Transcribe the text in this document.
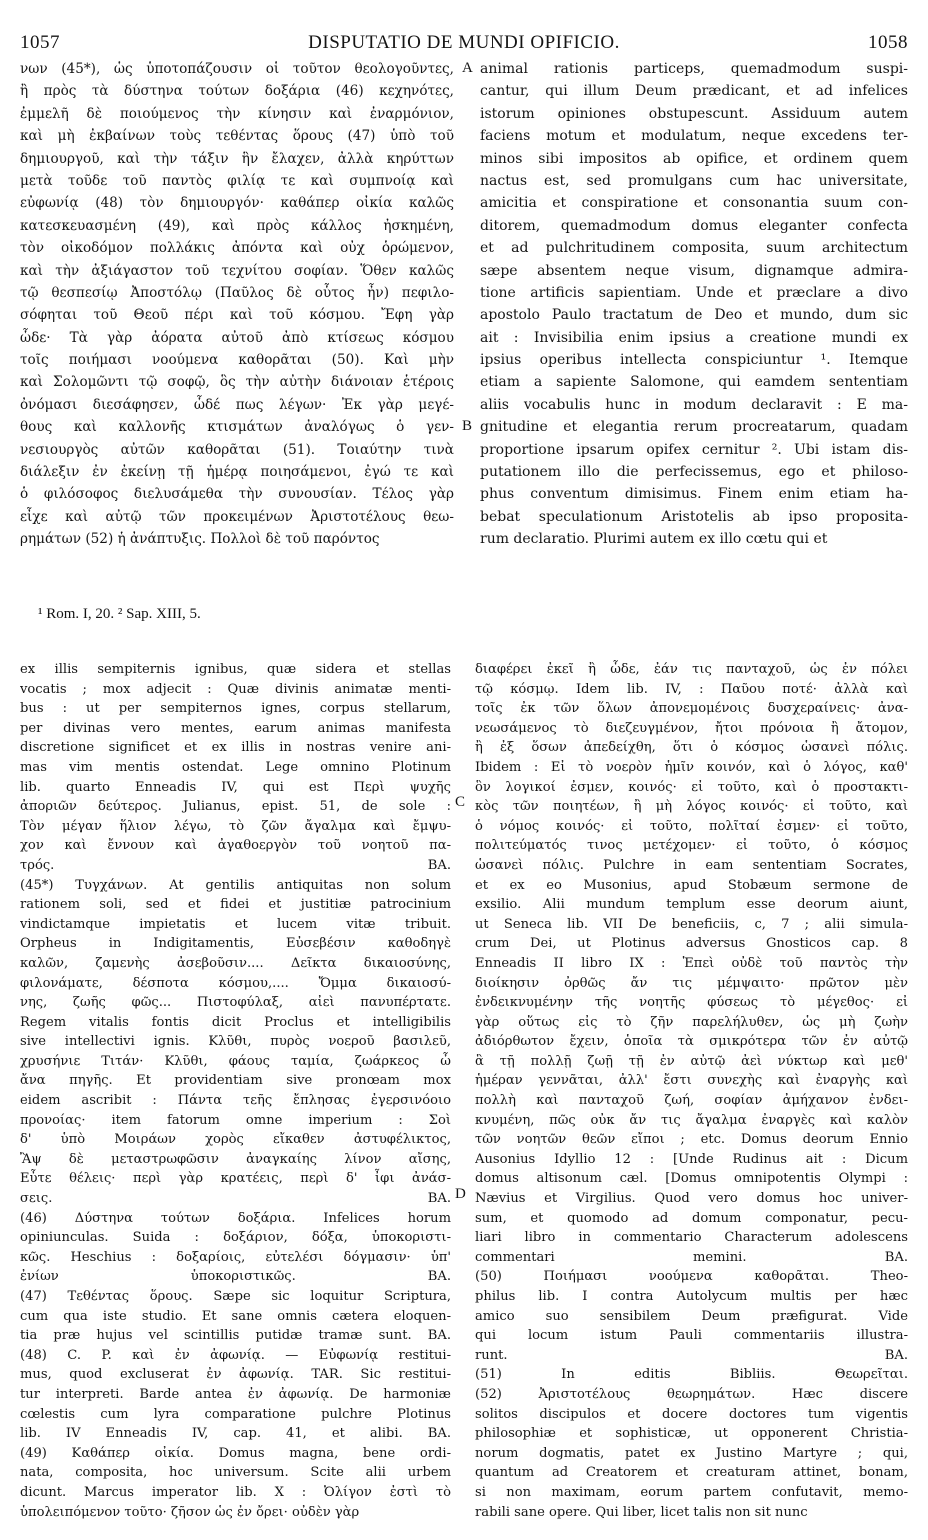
1057	DISPUTATIO DE MUNDI OPIFICIO.	1058
νων (45*), ὡς ὑποτοπάζουσιν οἱ τοῦτον θεολογοῦντες,
ἢ πρὸς τὰ δύστηνα τούτων δοξάρια (46) κεχηνότες,
ἐμμελῆ δὲ ποιούμενος τὴν κίνησιν καὶ ἐναρμόνιον,
καὶ μὴ ἐκβαίνων τοὺς τεθέντας ὅρους (47) ὑπὸ τοῦ
δημιουργοῦ, καὶ τὴν τάξιν ἣν ἔλαχεν, ἀλλὰ κηρύττων
μετὰ τοῦδε τοῦ παντὸς φιλίᾳ τε καὶ συμπνοίᾳ καὶ
εὐφωνίᾳ (48) τὸν δημιουργόν· καθάπερ οἰκία καλῶς
κατεσκευασμένη (49), καὶ πρὸς κάλλος ἠσκημένη,
τὸν οἰκοδόμον πολλάκις ἀπόντα καὶ οὐχ ὁρώμενον,
καὶ τὴν ἀξιάγαστον τοῦ τεχνίτου σοφίαν. Ὅθεν καλῶς
τῷ θεσπεσίῳ Ἀποστόλῳ (Παῦλος δὲ οὗτος ἦν) πεφιλο-
σόφηται τοῦ Θεοῦ πέρι καὶ τοῦ κόσμου. Ἔφη γὰρ
ὧδε· Τὰ γὰρ ἀόρατα αὐτοῦ ἀπὸ κτίσεως κόσμου
τοῖς ποιήμασι νοούμενα καθορᾶται (50). Καὶ μὴν
καὶ Σολομῶντι τῷ σοφῷ, ὃς τὴν αὐτὴν διάνοιαν ἑτέροις
ὀνόμασι διεσάφησεν, ὧδέ πως λέγων· Ἐκ γὰρ μεγέ-
θους καὶ καλλονῆς κτισμάτων ἀναλόγως ὁ γεν-
νεσιουργὸς αὐτῶν καθορᾶται (51). Τοιαύτην τινὰ
διάλεξιν ἐν ἐκείνῃ τῇ ἡμέρᾳ ποιησάμενοι, ἐγώ τε καὶ
ὁ φιλόσοφος διελυσάμεθα τὴν συνουσίαν. Τέλος γὰρ
εἶχε καὶ αὐτῷ τῶν προκειμένων Ἀριστοτέλους θεω-
ρημάτων (52) ἡ ἀνάπτυξις. Πολλοὶ δὲ τοῦ παρόντος
animal rationis particeps, quemadmodum suspi-
cantur, qui illum Deum prædicant, et ad infelices
istorum opiniones obstupescunt. Assiduum autem
faciens motum et modulatum, neque excedens ter-
minos sibi impositos ab opifice, et ordinem quem
nactus est, sed promulgans cum hac universitate,
amicitia et conspiratione et consonantia suum con-
ditorem, quemadmodum domus eleganter confecta
et ad pulchritudinem composita, suum architectum
sæpe absentem neque visum, dignamque admira-
tione artificis sapientiam. Unde et præclare a divo
apostolo Paulo tractatum de Deo et mundo, dum sic
ait : Invisibilia enim ipsius a creatione mundi ex
ipsius operibus intellecta conspiciuntur ¹. Itemque
etiam a sapiente Salomone, qui eamdem sententiam
aliis vocabulis hunc in modum declaravit : E ma-
gnitudine et elegantia rerum procreatarum, quadam
proportione ipsarum opifex cernitur ². Ubi istam dis-
putationem illo die perfecissemus, ego et philoso-
phus conventum dimisimus. Finem enim etiam ha-
bebat speculationum Aristotelis ab ipso proposita-
rum declaratio. Plurimi autem ex illo cœtu qui et
A
B
C
D
¹ Rom. I, 20. ² Sap. XIII, 5.
ex illis sempiternis ignibus, quæ sidera et stellas
vocatis ; mox adjecit : Quæ divinis animatæ menti-
bus : ut per sempiternos ignes, corpus stellarum,
per divinas vero mentes, earum animas manifesta
discretione significet et ex illis in nostras venire ani-
mas vim mentis ostendat. Lege omnino Plotinum
lib. quarto Enneadis IV, qui est Περὶ ψυχῆς
ἀποριῶν δεύτερος. Julianus, epist. 51, de sole :
Τὸν μέγαν ἥλιον λέγω, τὸ ζῶν ἄγαλμα καὶ ἔμψυ-
χον καὶ ἔννουν καὶ ἀγαθοεργὸν τοῦ νοητοῦ πα-
τρός. BA.
(45*) Τυγχάνων. At gentilis antiquitas non solum
rationem soli, sed et fidei et justitiæ patrocinium
vindictamque impietatis et lucem vitæ tribuit.
Orpheus in Indigitamentis, Εὐσεβέσιν καθοδηγὲ
καλῶν, ζαμενὴς ἀσεβοῦσιν.... Δεῖκτα δικαιοσύνης,
φιλονάματε, δέσποτα κόσμου,.... Ὄμμα δικαιοσύ-
νης, ζωῆς φῶς... Πιστοφύλαξ, αἰεὶ πανυπέρτατε.
Regem vitalis fontis dicit Proclus et intelligibilis
sive intellectivi ignis. Κλῦθι, πυρὸς νοεροῦ βασιλεῦ,
χρυσήνιε Τιτάν· Κλῦθι, φάους ταμία, ζωάρκεος ὦ
ἄνα πηγῆς. Et providentiam sive pronœam mox
eidem ascribit : Πάντα τεῆς ἔπλησας ἐγερσινόοιο
προνοίας· item fatorum omne imperium : Σοὶ
δ' ὑπὸ Μοιράων χορὸς εἴκαθεν ἀστυφέλικτος,
Ἂψ δὲ μεταστρωφῶσιν ἀναγκαίης λίνον αἴσης,
Εὖτε θέλεις· περὶ γὰρ κρατέεις, περὶ δ' ἶφι ἀνάσ-
σεις. BA.
(46) Δύστηνα τούτων δοξάρια. Infelices horum
opiniunculas. Suida : δοξάριον, δόξα, ὑποκοριστι-
κῶς. Heschius : δοξαρίοις, εὐτελέσι δόγμασιν· ὑπ'
ἐνίων ὑποκοριστικῶς. BA.
(47) Τεθέντας ὅρους. Sæpe sic loquitur Scriptura,
cum qua iste studio. Et sane omnis cætera eloquen-
tia præ hujus vel scintillis putidæ tramæ sunt. BA.
(48) C. P. καὶ ἐν ἀφωνίᾳ. — Εὐφωνίᾳ restitui-
mus, quod excluserat ἐν ἀφωνίᾳ. TAR. Sic restitui-
tur interpreti. Barde antea ἐν ἀφωνίᾳ. De harmoniæ
cœlestis cum lyra comparatione pulchre Plotinus
lib. IV Enneadis IV, cap. 41, et alibi. BA.
(49) Καθάπερ οἰκία. Domus magna, bene ordi-
nata, composita, hoc universum. Scite alii urbem
dicunt. Marcus imperator lib. X : Ὀλίγον ἐστὶ τὸ
ὑπολειπόμενον τοῦτο· ζῆσον ὡς ἐν ὄρει· οὐδὲν γὰρ
διαφέρει ἐκεῖ ἢ ὧδε, ἐάν τις πανταχοῦ, ὡς ἐν πόλει
τῷ κόσμῳ. Idem lib. IV, : Παῦου ποτέ· ἀλλὰ καὶ
τοῖς ἐκ τῶν ὅλων ἀπονεμομένοις δυσχεραίνεις· ἀνα-
νεωσάμενος τὸ διεζευγμένον, ἤτοι πρόνοια ἢ ἄτομον,
ἢ ἐξ ὅσων ἀπεδείχθη, ὅτι ὁ κόσμος ὡσανεὶ πόλις.
Ibidem : Εἰ τὸ νοερὸν ἡμῖν κοινόν, καὶ ὁ λόγος, καθ'
ὃν λογικοί ἐσμεν, κοινός· εἰ τοῦτο, καὶ ὁ προστακτι-
κὸς τῶν ποιητέων, ἢ μὴ λόγος κοινός· εἰ τοῦτο, καὶ
ὁ νόμος κοινός· εἰ τοῦτο, πολῖταί ἐσμεν· εἰ τοῦτο,
πολιτεύματός τινος μετέχομεν· εἰ τοῦτο, ὁ κόσμος
ὡσανεὶ πόλις. Pulchre in eam sententiam Socrates,
et ex eo Musonius, apud Stobæum sermone de
exsilio. Alii mundum templum esse deorum aiunt,
ut Seneca lib. VII De beneficiis, c, 7 ; alii simula-
crum Dei, ut Plotinus adversus Gnosticos cap. 8
Enneadis II libro IX : Ἐπεὶ οὐδὲ τοῦ παντὸς τὴν
διοίκησιν ὀρθῶς ἄν τις μέμψαιτο· πρῶτον μὲν
ἐνδεικνυμένην τῆς νοητῆς φύσεως τὸ μέγεθος· εἰ
γὰρ οὕτως εἰς τὸ ζῆν παρελήλυθεν, ὡς μὴ ζωὴν
ἀδιόρθωτον ἔχειν, ὁποῖα τὰ σμικρότερα τῶν ἐν αὐτῷ
ἃ τῇ πολλῇ ζωῇ τῇ ἐν αὐτῷ ἀεὶ νύκτωρ καὶ μεθ'
ἡμέραν γεννᾶται, ἀλλ' ἔστι συνεχὴς καὶ ἐναργὴς καὶ
πολλὴ καὶ πανταχοῦ ζωή, σοφίαν ἀμήχανον ἐνδει-
κνυμένη, πῶς οὐκ ἄν τις ἄγαλμα ἐναργὲς καὶ καλὸν
τῶν νοητῶν θεῶν εἴποι ; etc. Domus deorum Ennio
Ausonius Idyllio 12 : [Unde Rudinus ait : Dicum
domus altisonum cæl. [Domus omnipotentis Olympi :
Nævius et Virgilius. Quod vero domus hoc univer-
sum, et quomodo ad domum componatur, pecu-
liari libro in commentario Characterum adolescens
commentari memini. BA.
(50) Ποιήμασι νοούμενα καθορᾶται. Theo-
philus lib. I contra Autolycum multis per hæc
amico suo sensibilem Deum præfigurat. Vide
qui locum istum Pauli commentariis illustra-
runt. BA.
(51) In editis Bibliis. Θεωρεῖται.
(52) Ἀριστοτέλους θεωρημάτων. Hæc discere
solitos discipulos et docere doctores tum vigentis
philosophiæ et sophisticæ, ut opponerent Christia-
norum dogmatis, patet ex Justino Martyre ; qui,
quantum ad Creatorem et creaturam attinet, bonam,
si non maximam, eorum partem confutavit, memo-
rabili sane opere. Qui liber, licet talis non sit nunc
